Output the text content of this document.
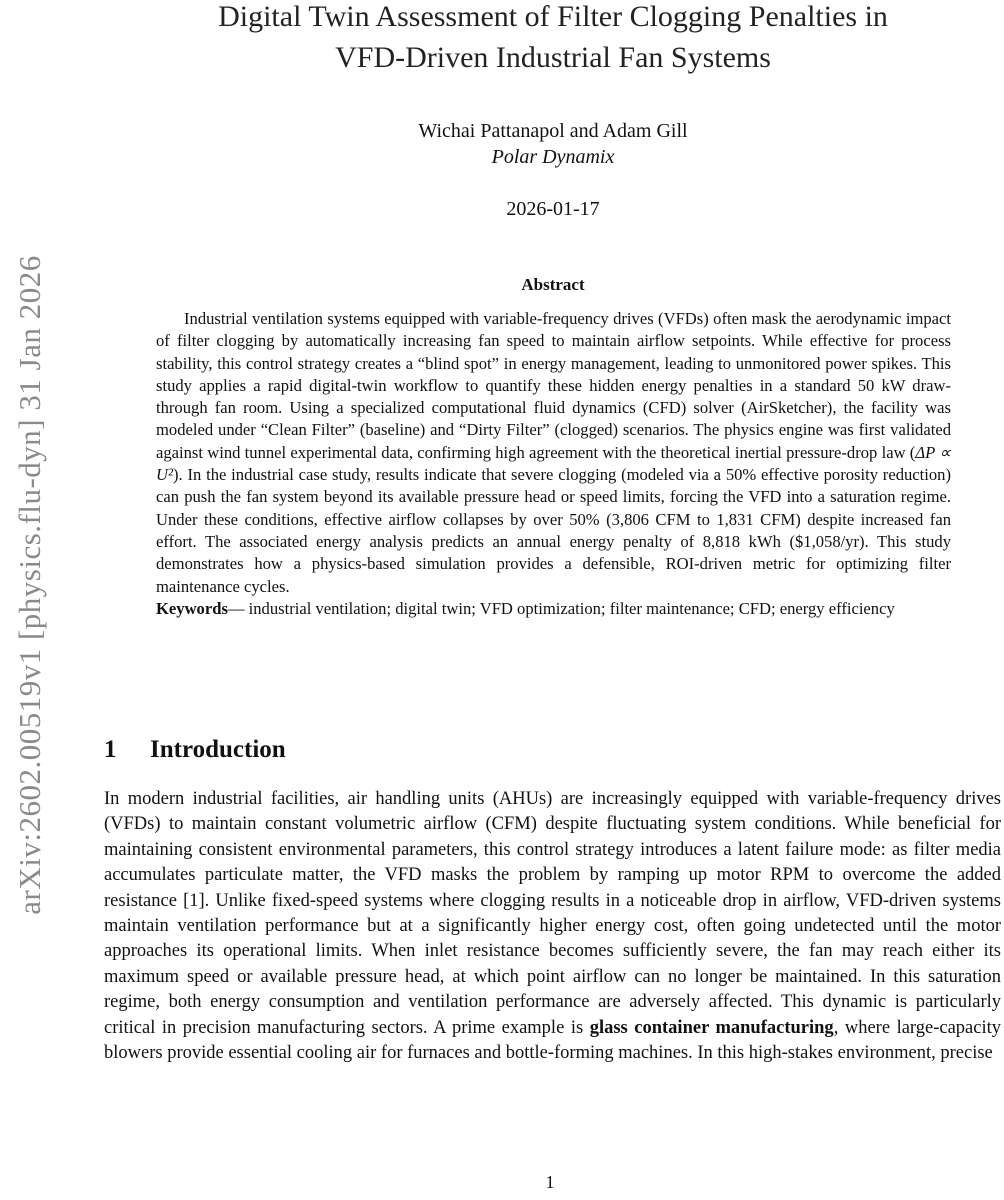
arXiv:2602.00519v1 [physics.flu-dyn] 31 Jan 2026
Digital Twin Assessment of Filter Clogging Penalties in
VFD-Driven Industrial Fan Systems
Wichai Pattanapol and Adam Gill
Polar Dynamix
2026-01-17
Abstract

Industrial ventilation systems equipped with variable-frequency drives (VFDs) often mask the aerodynamic impact of filter clogging by automatically increasing fan speed to maintain airflow setpoints. While effective for process stability, this control strategy creates a “blind spot” in energy management, leading to unmonitored power spikes. This study applies a rapid digital-twin workflow to quantify these hidden energy penalties in a standard 50 kW draw-through fan room. Using a specialized computational fluid dynamics (CFD) solver (AirSketcher), the facility was modeled under “Clean Filter” (baseline) and “Dirty Filter” (clogged) scenarios. The physics engine was first validated against wind tunnel experimental data, confirming high agreement with the theoretical inertial pressure-drop law (ΔP ∝ U²). In the industrial case study, results indicate that severe clogging (modeled via a 50% effective porosity reduction) can push the fan system beyond its available pressure head or speed limits, forcing the VFD into a saturation regime. Under these conditions, effective airflow collapses by over 50% (3,806 CFM to 1,831 CFM) despite increased fan effort. The associated energy analysis predicts an annual energy penalty of 8,818 kWh ($1,058/yr). This study demonstrates how a physics-based simulation provides a defensible, ROI-driven metric for optimizing filter maintenance cycles.

Keywords— industrial ventilation; digital twin; VFD optimization; filter maintenance; CFD; energy efficiency

1 Introduction

In modern industrial facilities, air handling units (AHUs) are increasingly equipped with variable-frequency drives (VFDs) to maintain constant volumetric airflow (CFM) despite fluctuating system conditions. While beneficial for maintaining consistent environmental parameters, this control strategy introduces a latent failure mode: as filter media accumulates particulate matter, the VFD masks the problem by ramping up motor RPM to overcome the added resistance [1]. Unlike fixed-speed systems where clogging results in a noticeable drop in airflow, VFD-driven systems maintain ventilation performance but at a significantly higher energy cost, often going undetected until the motor approaches its operational limits. When inlet resistance becomes sufficiently severe, the fan may reach either its maximum speed or available pressure head, at which point airflow can no longer be maintained. In this saturation regime, both energy consumption and ventilation performance are adversely affected. This dynamic is particularly critical in precision manufacturing sectors. A prime example is glass container manufacturing, where large-capacity blowers provide essential cooling air for furnaces and bottle-forming machines. In this high-stakes environment, precise

1
